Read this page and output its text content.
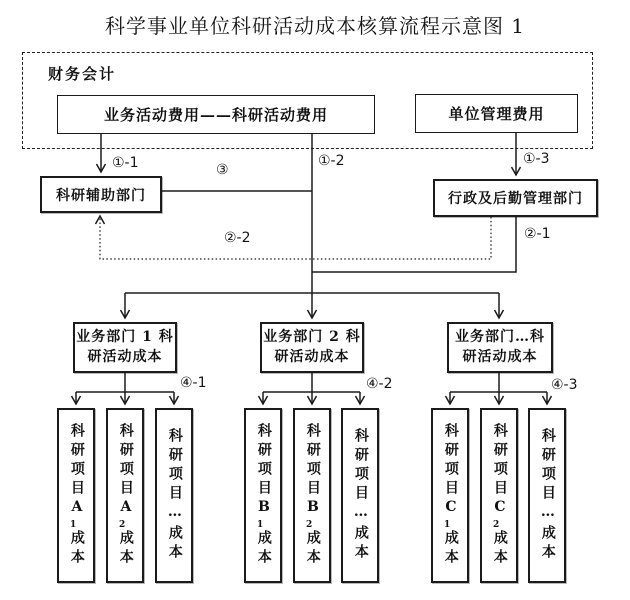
科学事业单位科研活动成本核算流程示意图 1
财务会计
业务活动费用——科研活动费用	单位管理费用
科研辅助部门	行政及后勤管理部门
业务部门 1 科
研活动成本
业务部门 2 科
研活动成本
业务部门…科
研活动成本
科研项目$A_1$成本
科研项目$A_2$成本
科研项目…成本
科研项目$B_1$成本
科研项目$B_2$成本
科研项目…成本
科研项目$C_1$成本
科研项目$C_2$成本
科研项目…成本
①-1	③
①-2	①-3
②-2	②-1
④-1	④-2	④-3
